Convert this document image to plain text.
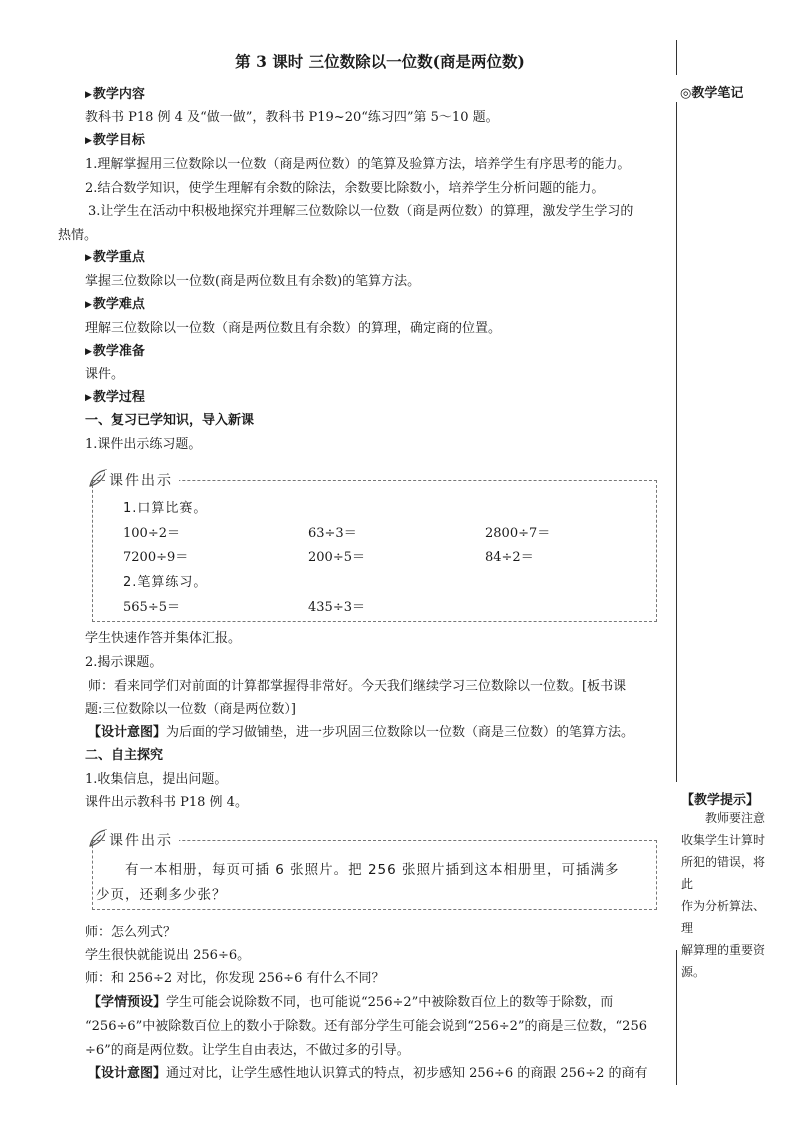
第 3 课时 三位数除以一位数(商是两位数)
▶教学内容
教科书 P18 例 4 及“做一做”，教科书 P19~20“练习四”第 5～10 题。
▶教学目标
1.理解掌握用三位数除以一位数（商是两位数）的笔算及验算方法，培养学生有序思考的能力。
2.结合数学知识，使学生理解有余数的除法，余数要比除数小，培养学生分析问题的能力。
3.让学生在活动中积极地探究并理解三位数除以一位数（商是两位数）的算理，激发学生学习的
热情。
▶教学重点
掌握三位数除以一位数(商是两位数且有余数)的笔算方法。
▶教学难点
理解三位数除以一位数（商是两位数且有余数）的算理，确定商的位置。
▶教学准备
课件。
▶教学过程
一、复习已学知识，导入新课
1.课件出示练习题。
课件出示
1.口算比赛。
100÷2＝	63÷3＝	2800÷7＝
7200÷9＝	200÷5＝	84÷2＝
2.笔算练习。
565÷5＝	435÷3＝
学生快速作答并集体汇报。
2.揭示课题。
师：看来同学们对前面的计算都掌握得非常好。今天我们继续学习三位数除以一位数。[板书课
题:三位数除以一位数（商是两位数）]
【设计意图】为后面的学习做铺垫，进一步巩固三位数除以一位数（商是三位数）的笔算方法。
二、自主探究
1.收集信息，提出问题。
课件出示教科书 P18 例 4。
课件出示
有一本相册，每页可插 6 张照片。把 256 张照片插到这本相册里，可插满多
少页，还剩多少张？
师：怎么列式？
学生很快就能说出 256÷6。
师：和 256÷2 对比，你发现 256÷6 有什么不同？
【学情预设】学生可能会说除数不同，也可能说“256÷2”中被除数百位上的数等于除数，而
“256÷6”中被除数百位上的数小于除数。还有部分学生可能会说到“256÷2”的商是三位数，“256
÷6”的商是两位数。让学生自由表达，不做过多的引导。
【设计意图】通过对比，让学生感性地认识算式的特点，初步感知 256÷6 的商跟 256÷2 的商有
◎教学笔记
【教学提示】
教师要注意
收集学生计算时
所犯的错误，将此
作为分析算法、理
解算理的重要资
源。
